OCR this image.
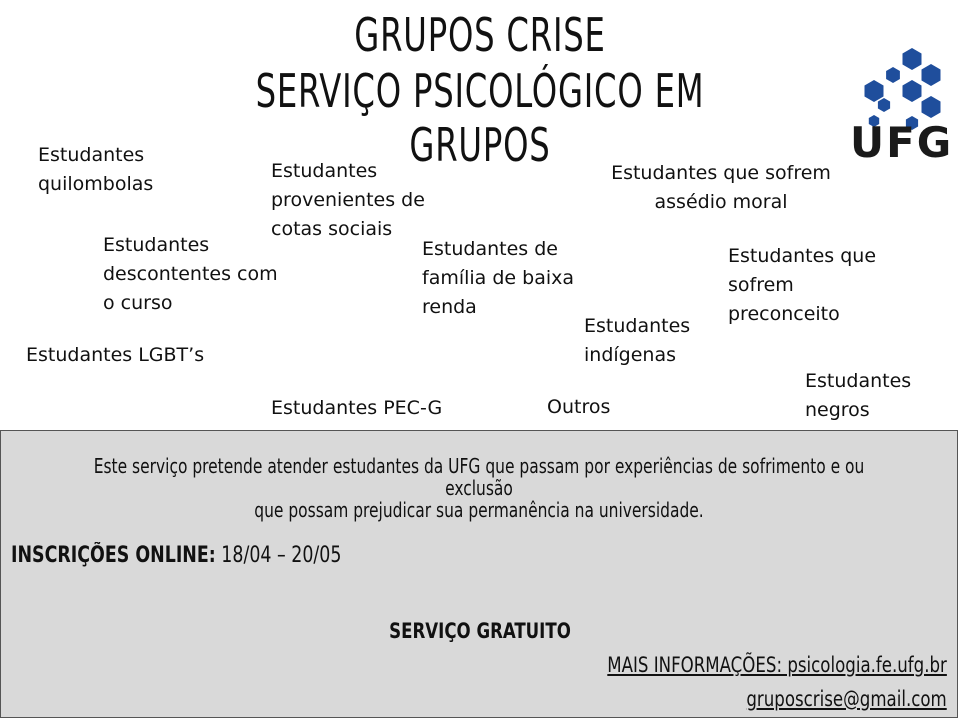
GRUPOS CRISE
SERVIÇO PSICOLÓGICO EM GRUPOS	UFG
Estudantes
quilombolas
Estudantes
provenientes de
cotas sociais
Estudantes que sofrem
assédio moral
Estudantes
descontentes com
o curso
Estudantes de
família de baixa
renda
Estudantes que
sofrem
preconceito
Estudantes
indígenas
Estudantes LGBT’s
Estudantes
negros
Estudantes PEC-G	Outros
Este serviço pretende atender estudantes da UFG que passam por experiências de sofrimento e ou exclusão
que possam prejudicar sua permanência na universidade.
INSCRIÇÕES ONLINE: 18/04 – 20/05
SERVIÇO GRATUITO
MAIS INFORMAÇÕES: psicologia.fe.ufg.br
gruposcrise@gmail.com
